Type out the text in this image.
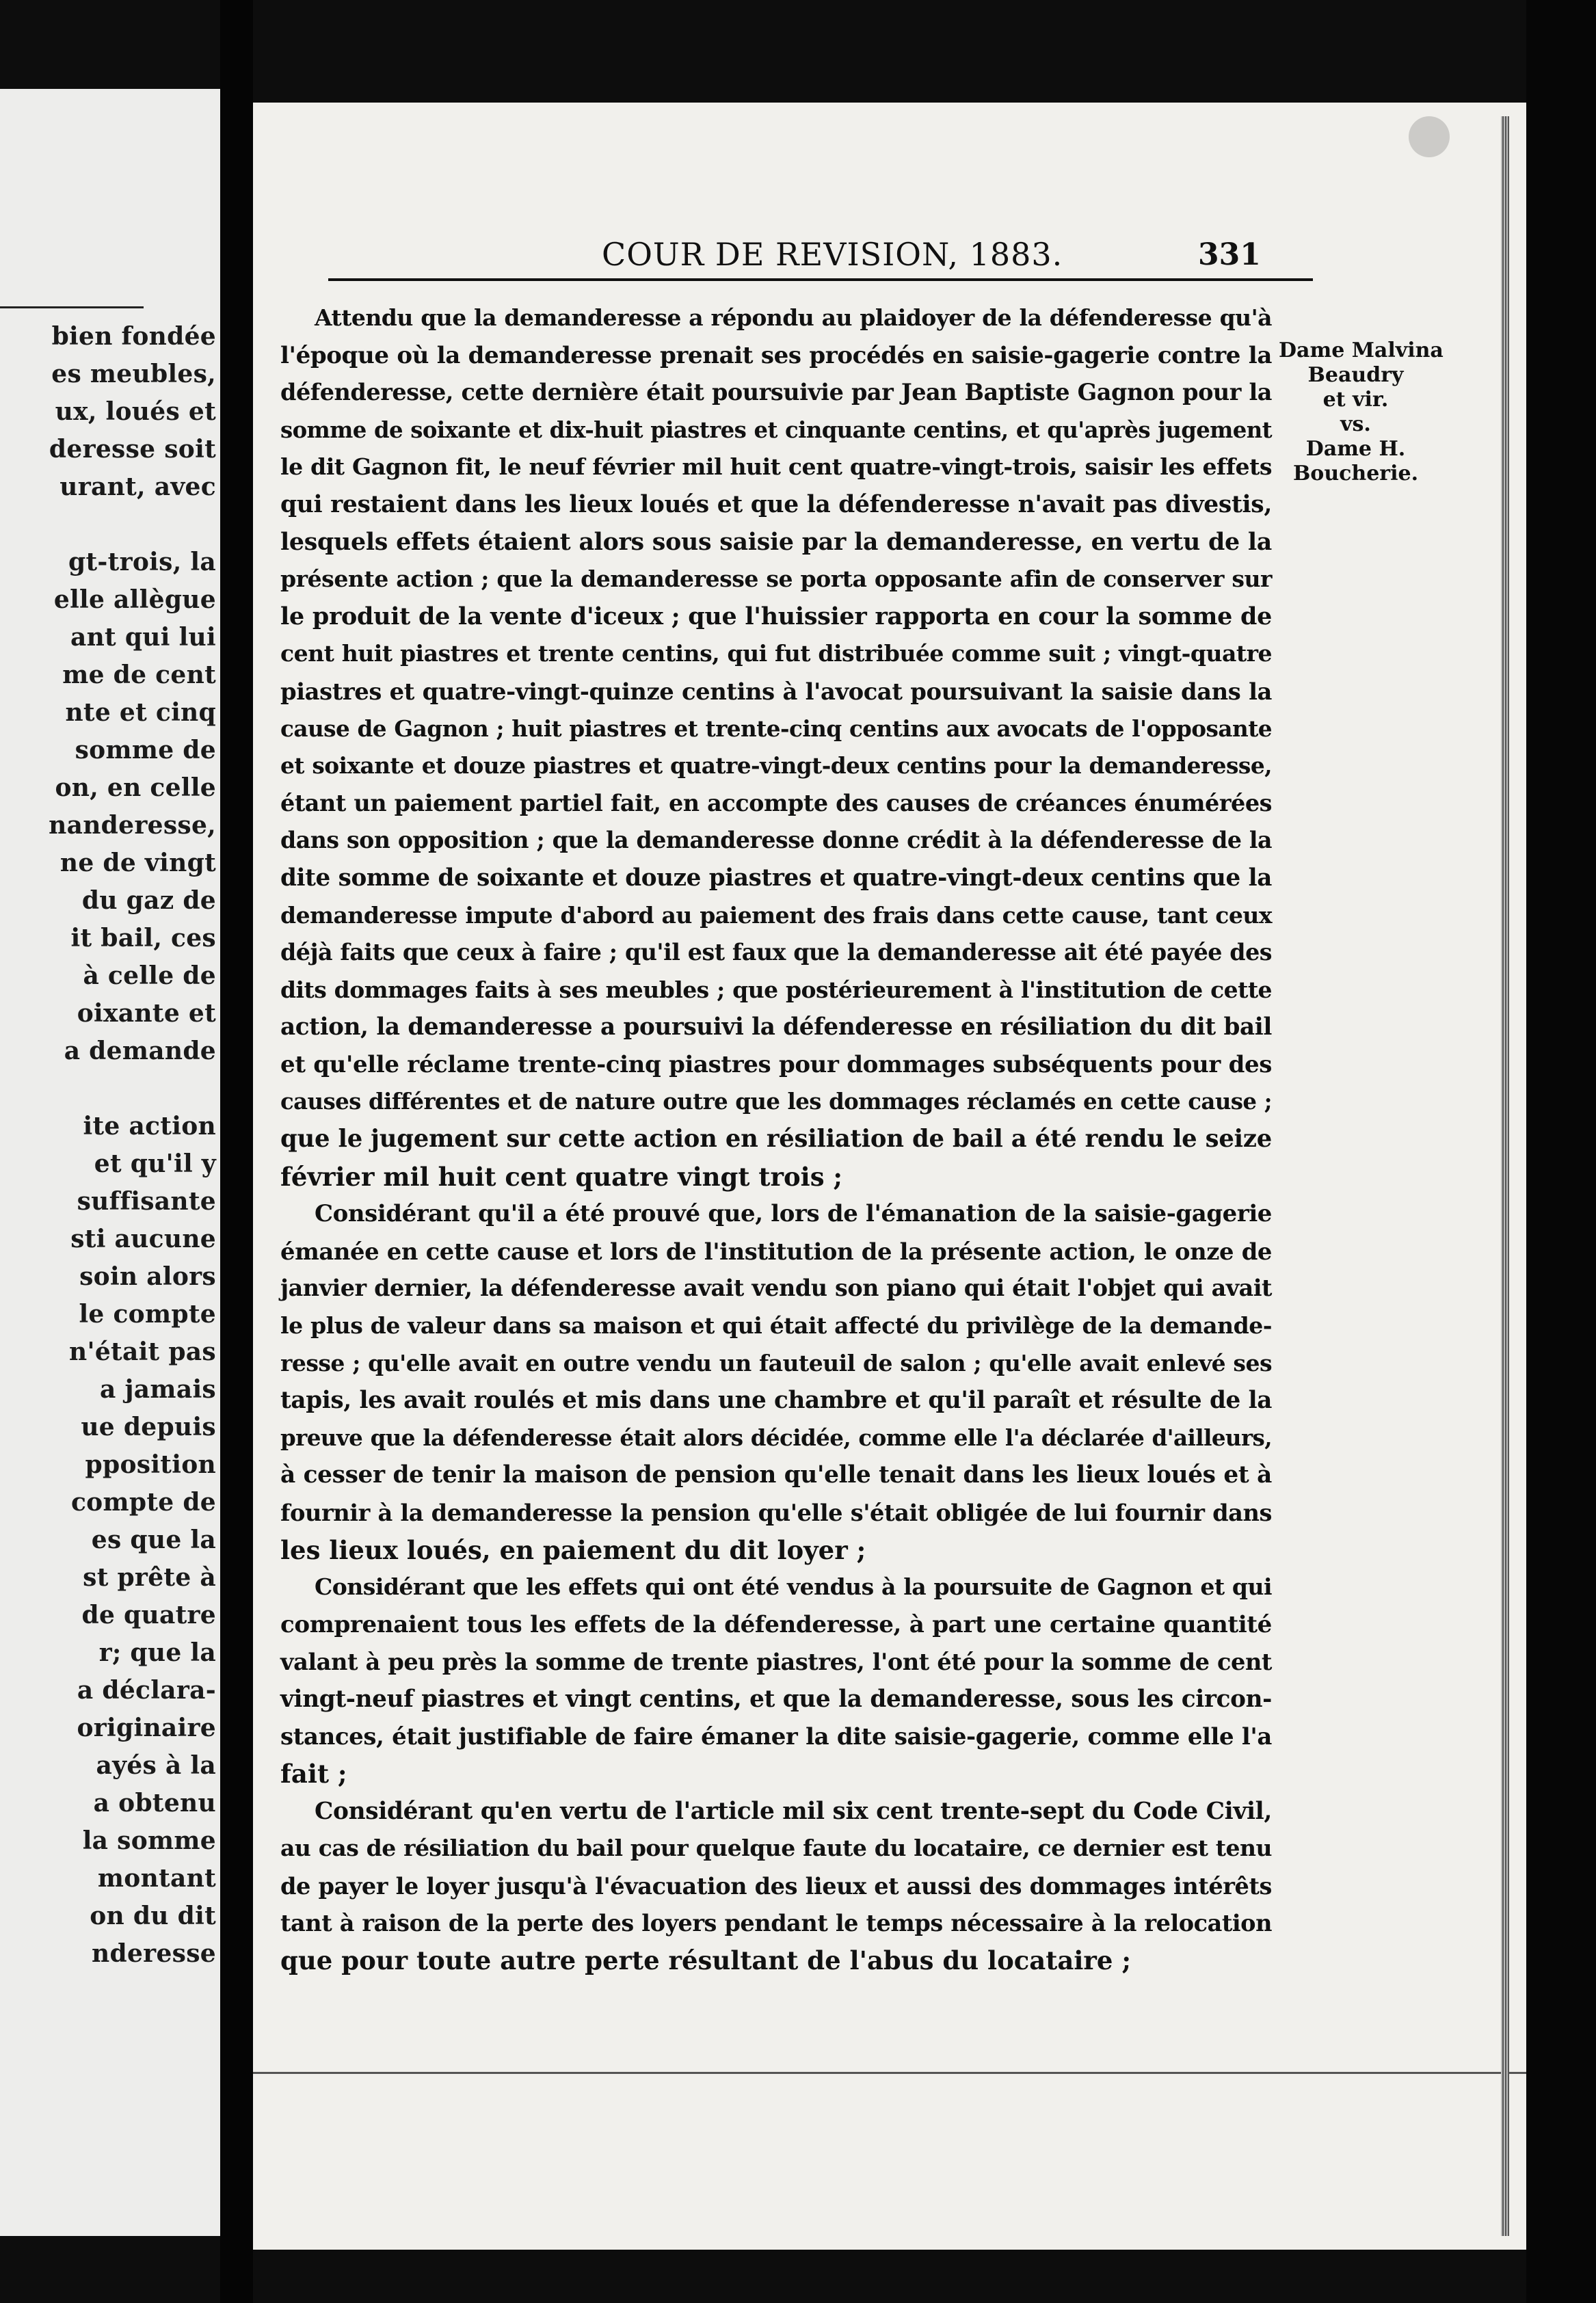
bien fondée
es meubles,
ux, loués et
deresse soit
urant, avec
gt-trois, la
elle allègue
ant qui lui
me de cent
nte et cinq
somme de
on, en celle
nanderesse,
ne de vingt
du gaz de
it bail, ces
à celle de
oixante et
a demande
ite action
et qu'il y
suffisante
sti aucune
soin alors
le compte
n'était pas
a jamais
ue depuis
pposition
compte de
es que la
st prête à
de quatre
r; que la
a déclara-
originaire
ayés à la
a obtenu
la somme
montant
on du dit
nderesse
COUR DE REVISION, 1883.	331

Attendu que la demanderesse a répondu au plaidoyer de la défenderesse qu'à
l'époque où la demanderesse prenait ses procédés en saisie-gagerie contre la
défenderesse, cette dernière était poursuivie par Jean Baptiste Gagnon pour la
somme de soixante et dix-huit piastres et cinquante centins, et qu'après jugement
le dit Gagnon fit, le neuf février mil huit cent quatre-vingt-trois, saisir les effets
qui restaient dans les lieux loués et que la défenderesse n'avait pas divestis,
lesquels effets étaient alors sous saisie par la demanderesse, en vertu de la
présente action ; que la demanderesse se porta opposante afin de conserver sur
le produit de la vente d'iceux ; que l'huissier rapporta en cour la somme de
cent huit piastres et trente centins, qui fut distribuée comme suit ; vingt-quatre
piastres et quatre-vingt-quinze centins à l'avocat poursuivant la saisie dans la
cause de Gagnon ; huit piastres et trente-cinq centins aux avocats de l'opposante
et soixante et douze piastres et quatre-vingt-deux centins pour la demanderesse,
étant un paiement partiel fait, en accompte des causes de créances énumérées
dans son opposition ; que la demanderesse donne crédit à la défenderesse de la
dite somme de soixante et douze piastres et quatre-vingt-deux centins que la
demanderesse impute d'abord au paiement des frais dans cette cause, tant ceux
déjà faits que ceux à faire ; qu'il est faux que la demanderesse ait été payée des
dits dommages faits à ses meubles ; que postérieurement à l'institution de cette
action, la demanderesse a poursuivi la défenderesse en résiliation du dit bail
et qu'elle réclame trente-cinq piastres pour dommages subséquents pour des
causes différentes et de nature outre que les dommages réclamés en cette cause ;
que le jugement sur cette action en résiliation de bail a été rendu le seize
février mil huit cent quatre vingt trois ;

Considérant qu'il a été prouvé que, lors de l'émanation de la saisie-gagerie
émanée en cette cause et lors de l'institution de la présente action, le onze de
janvier dernier, la défenderesse avait vendu son piano qui était l'objet qui avait
le plus de valeur dans sa maison et qui était affecté du privilège de la demande-
resse ; qu'elle avait en outre vendu un fauteuil de salon ; qu'elle avait enlevé ses
tapis, les avait roulés et mis dans une chambre et qu'il paraît et résulte de la
preuve que la défenderesse était alors décidée, comme elle l'a déclarée d'ailleurs,
à cesser de tenir la maison de pension qu'elle tenait dans les lieux loués et à
fournir à la demanderesse la pension qu'elle s'était obligée de lui fournir dans
les lieux loués, en paiement du dit loyer ;

Considérant que les effets qui ont été vendus à la poursuite de Gagnon et qui
comprenaient tous les effets de la défenderesse, à part une certaine quantité
valant à peu près la somme de trente piastres, l'ont été pour la somme de cent
vingt-neuf piastres et vingt centins, et que la demanderesse, sous les circon-
stances, était justifiable de faire émaner la dite saisie-gagerie, comme elle l'a
fait ;

Considérant qu'en vertu de l'article mil six cent trente-sept du Code Civil,
au cas de résiliation du bail pour quelque faute du locataire, ce dernier est tenu
de payer le loyer jusqu'à l'évacuation des lieux et aussi des dommages intérêts
tant à raison de la perte des loyers pendant le temps nécessaire à la relocation
que pour toute autre perte résultant de l'abus du locataire ;

Dame Malvina
Beaudry
et vir.
vs.
Dame H.
Boucherie.
